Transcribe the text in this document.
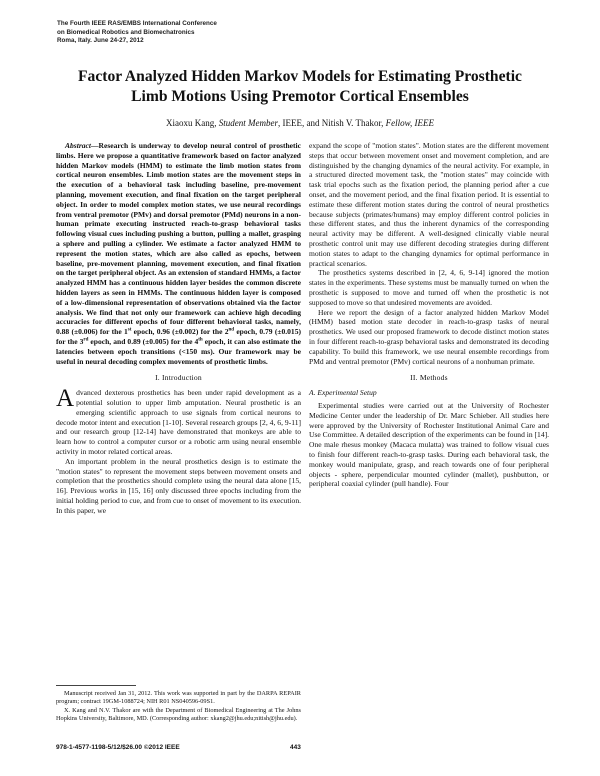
The Fourth IEEE RAS/EMBS International Conference
on Biomedical Robotics and Biomechatronics
Roma, Italy. June 24-27, 2012
Factor Analyzed Hidden Markov Models for Estimating Prosthetic
Limb Motions Using Premotor Cortical Ensembles
Xiaoxu Kang, Student Member, IEEE, and Nitish V. Thakor, Fellow, IEEE

Abstract—Research is underway to develop neural control of prosthetic limbs. Here we propose a quantitative framework based on factor analyzed hidden Markov models (HMM) to estimate the limb motion states from cortical neuron ensembles. Limb motion states are the movement steps in the execution of a behavioral task including baseline, pre-movement planning, movement execution, and final fixation on the target peripheral object. In order to model complex motion states, we use neural recordings from ventral premotor (PMv) and dorsal premotor (PMd) neurons in a non-human primate executing instructed reach-to-grasp behavioral tasks following visual cues including pushing a button, pulling a mallet, grasping a sphere and pulling a cylinder. We estimate a factor analyzed HMM to represent the motion states, which are also called as epochs, between baseline, pre-movement planning, movement execution, and final fixation on the target peripheral object. As an extension of standard HMMs, a factor analyzed HMM has a continuous hidden layer besides the common discrete hidden layers as seen in HMMs. The continuous hidden layer is composed of a low-dimensional representation of observations obtained via the factor analysis. We find that not only our framework can achieve high decoding accuracies for different epochs of four different behavioral tasks, namely, 0.88 (±0.006) for the 1st epoch, 0.96 (±0.002) for the 2nd epoch, 0.79 (±0.015) for the 3rd epoch, and 0.89 (±0.005) for the 4th epoch, it can also estimate the latencies between epoch transitions (<150 ms). Our framework may be useful in neural decoding complex movements of prosthetic limbs.

I. Introduction

Advanced dexterous prosthetics has been under rapid development as a potential solution to upper limb amputation. Neural prosthetic is an emerging scientific approach to use signals from cortical neurons to decode motor intent and execution [1-10]. Several research groups [2, 4, 6, 9-11] and our research group [12-14] have demonstrated that monkeys are able to learn how to control a computer cursor or a robotic arm using neural ensemble activity in motor related cortical areas.

An important problem in the neural prosthetics design is to estimate the "motion states" to represent the movement steps between movement onsets and completion that the prosthetics should complete using the neural data alone [15, 16]. Previous works in [15, 16] only discussed three epochs including from the initial holding period to cue, and from cue to onset of movement to its execution. In this paper, we

Manuscript received Jan 31, 2012. This work was supported in part by the DARPA REPAIR program; contract 19GM-1088724; NIH R01 NS040596-09S1.

X. Kang and N.V. Thakor are with the Department of Biomedical Engineering at The Johns Hopkins University, Baltimore, MD. (Corresponding author: xkang2@jhu.edu;nitish@jhu.edu).

expand the scope of "motion states". Motion states are the different movement steps that occur between movement onset and movement completion, and are distinguished by the changing dynamics of the neural activity. For example, in a structured directed movement task, the "motion states" may coincide with task trial epochs such as the fixation period, the planning period after a cue onset, and the movement period, and the final fixation period. It is essential to estimate these different motion states during the control of neural prosthetics because subjects (primates/humans) may employ different control policies in these different states, and thus the inherent dynamics of the corresponding neural activity may be different. A well-designed clinically viable neural prosthetic control unit may use different decoding strategies during different motion states to adapt to the changing dynamics for optimal performance in practical scenarios.

The prosthetics systems described in [2, 4, 6, 9-14] ignored the motion states in the experiments. These systems must be manually turned on when the prosthetic is supposed to move and turned off when the prosthetic is not supposed to move so that undesired movements are avoided.

Here we report the design of a factor analyzed hidden Markov Model (HMM) based motion state decoder in reach-to-grasp tasks of neural prosthetics. We used our proposed framework to decode distinct motion states in four different reach-to-grasp behavioral tasks and demonstrated its decoding capability. To build this framework, we use neural ensemble recordings from PMd and ventral premotor (PMv) cortical neurons of a nonhuman primate.

II. Methods
A. Experimental Setup

Experimental studies were carried out at the University of Rochester Medicine Center under the leadership of Dr. Marc Schieber. All studies here were approved by the University of Rochester Institutional Animal Care and Use Committee. A detailed description of the experiments can be found in [14]. One male rhesus monkey (Macaca mulatta) was trained to follow visual cues to finish four different reach-to-grasp tasks. During each behavioral task, the monkey would manipulate, grasp, and reach towards one of four peripheral objects - sphere, perpendicular mounted cylinder (mallet), pushbutton, or peripheral coaxial cylinder (pull handle). Four

978-1-4577-1198-5/12/$26.00 ©2012 IEEE	443
